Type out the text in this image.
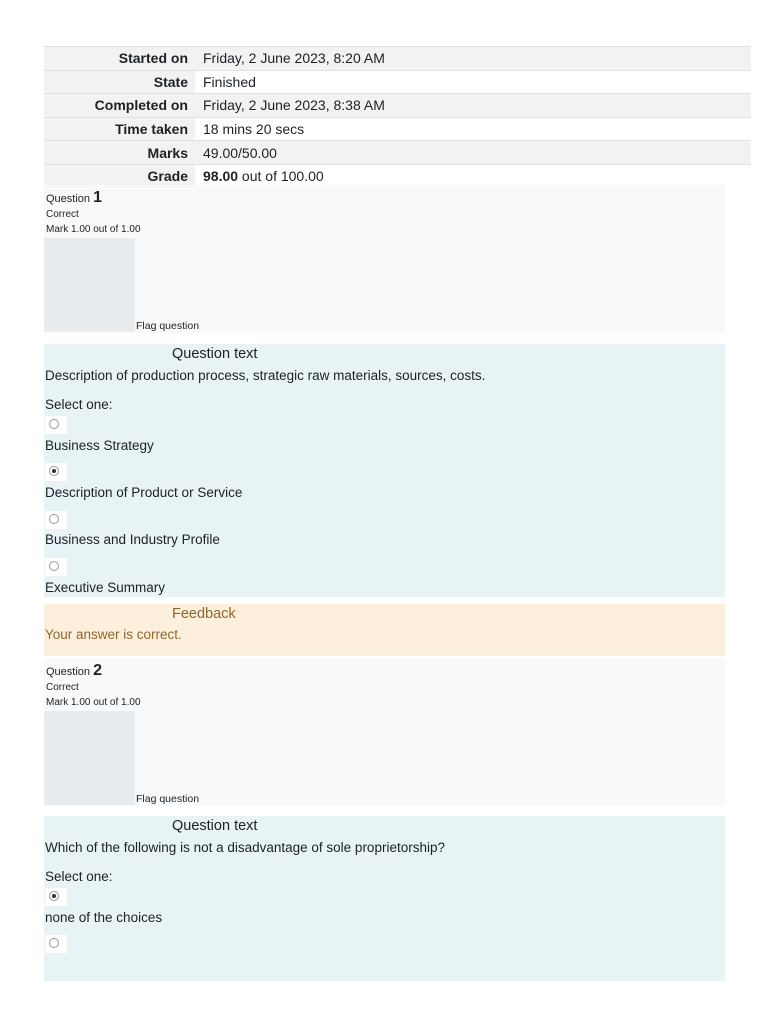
Started on	Friday, 2 June 2023, 8:20 AM
State	Finished
Completed on	Friday, 2 June 2023, 8:38 AM
Time taken	18 mins 20 secs
Marks	49.00/50.00
Grade	98.00 out of 100.00
Question 1
Correct
Mark 1.00 out of 1.00
Flag question
Question text
Description of production process, strategic raw materials, sources, costs.
Select one:
Business Strategy
Description of Product or Service
Business and Industry Profile
Executive Summary
Feedback
Your answer is correct.
Question 2
Correct
Mark 1.00 out of 1.00
Flag question
Question text
Which of the following is not a disadvantage of sole proprietorship?
Select one:
none of the choices
